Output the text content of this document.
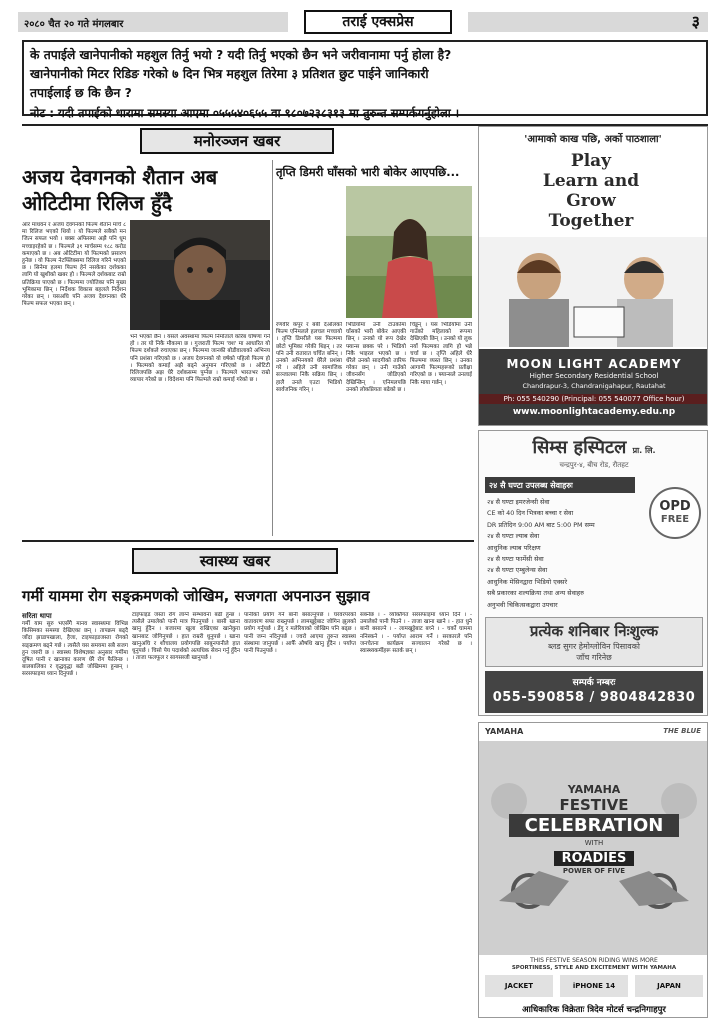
२०८० चैत २० गते मंगलबार	तराई एक्सप्रेस	३
के तपाईले खानेपानीको महशुल तिर्नु भयो ? यदी तिर्नु भएको छैन भने जरीवानामा पर्नु होला है?
खानेपानीको मिटर रिडिङ गरेको ७ दिन भित्र महशुल तिरेमा ३ प्रतिशत छुट पाईने जानिकारी
तपाईलाई छ कि छैन ?
नोट : यदी तपाईको धारामा समस्या आएमा ०५५५४०६५५ वा ९८०७२३८३१३ मा तुरुन्त सम्पर्कगर्नुहोला ।
मनोरञ्जन खबर
अजय देवगनको शैतान अब
ओटिटीमा रिलिज हुँदै
आर माधवन र अजय देवगनको फिल्म शैतान मार्च ८ मा रिलिज भएको थियो । यो फिल्मले सबैको मन जित्न सफल भयो । बक्स अफिसमा अझै पनि धूम मच्चाइरहेको छ । फिल्मले ३१ मार्चसम्म १८८ करोड कमाएको छ । अब ओटिटीमा यो फिल्मको प्रसारण हुनेछ । यो फिल्म नेटफ्लिक्समा रिलिज गरिने भएको छ । सिनेमा हलमा फिल्म हेर्न नसकेका दर्शकका लागि यो खुशीको खबर हो । फिल्मले दर्शकबाट राम्रो प्रतिक्रिया पाएको छ । फिल्ममा ज्योतिका पनि मुख्य भूमिकामा छिन् । निर्देशक विकास बहलले निर्देशन गरेका छन् । यसअघि पनि अजय देवगनका धेरै फिल्म सफल भएका छन् ।
भने भएको छैन । यसले अवस्थामा फिल्म निर्माताले करिब घोषणा गर्ने हो । तर यो निकै मौकामा छ । गुजराती फिल्म 'वश' मा आधारित यो फिल्म दर्शकले रुचाएका छन् । फिल्ममा जानकी बोडीवालाको अभिनय पनि प्रशंसा गरिएको छ । अजय देवगनको यो वर्षको पहिलो फिल्म हो । फिल्मको कमाई अझै बढ्ने अनुमान गरिएको छ । ओटिटी रिलिजपछि अझ धेरै दर्शकसम्म पुग्नेछ । फिल्मले भारतभर राम्रो व्यापार गरेको छ । विदेशमा पनि फिल्मले राम्रो कमाई गरेको छ ।
तृप्ति डिमरी घाँसको भारी बोकेर आएपछि...
रणवीर कपुर र बबी देओलको फिल्म एनिमलले हलचल मच्चायो । तृप्ति डिमरीले यस फिल्ममा छोटो भूमिका गरेकी थिइन् । तर पनि उनी रातारात चर्चित बनिन् । उनको अभिनयको धेरैले प्रशंसा गरे । अहिले उनी सामाजिक सञ्जालमा निकै सक्रिय छिन् । हालै उनले एउटा भिडियो सार्वजनिक गरिन् ।
भिडियोमा उनी टाउकोमा घाँसको भारी बोकेर आएकी छिन् । उनको यो रूप देखेर फ्यान्स छक्क परे । भिडियो निकै भाइरल भएको छ । धेरैले उनको सादगीको तारिफ गरेका छन् । उनी गाउँको जीवनसँग जोडिएको देखिन्छिन् । एनिमलपछि उनको लोकप्रियता बढेको छ ।
चिड्डन् । यस भिडियोमा उनी गाउँको महिलाको रूपमा देखिएकी छिन् । उनको यो लुक नयाँ फिल्मका लागि हो भन्ने चर्चा छ । तृप्ति अहिले धेरै फिल्ममा व्यस्त छिन् । उनका आगामी फिल्महरूको प्रतीक्षा गरिएको छ । फ्यान्सले उनलाई निकै माया गर्छन् ।
स्वास्थ्य खबर
गर्मी याममा रोग सङ्क्रमणको जोखिम, सजगता अपनाउन सुझाव
सरिता थापा
गर्मी याम सुरु भएसँगै मानव स्वास्थ्यमा विभिन्न किसिमका समस्या देखिएका छन् । तापक्रम बढ्दै जाँदा झाडापखाला, हैजा, टाइफाइडजस्ता रोगको सङ्क्रमण बढ्ने गर्छ । त्यसैले यस समयमा सबै सजग हुन जरुरी छ । स्वास्थ्य विशेषज्ञका अनुसार गर्मीमा दूषित पानी र खानाका कारण धेरै रोग फैलिन्छ । बालबालिका र वृद्धवृद्धा बढी जोखिममा हुन्छन् । सरसफाइमा ध्यान दिनुपर्छ ।
टाइफाइड जस्ता रोग लाग्ने सम्भावना बढी हुन्छ । त्यसैले उमालेको पानी मात्र पिउनुपर्छ । बासी खाना खानु हुँदैन । बजारमा खुला राखिएका खानेकुरा खानबाट जोगिनुपर्छ । हात राम्ररी धुनुपर्छ । खाना खानुअघि र शौचालय प्रयोगपछि साबुनपानीले हात धुनुपर्छ । चिसो पेय पदार्थको अत्यधिक सेवन गर्नु हुँदैन । ताजा फलफूल र सागसब्जी खानुपर्छ ।
पानीको प्रयोग गर्ने बानी बसाल्नुपर्छ । घरवरपरको वातावरण सफा राख्नुपर्छ । लामखुट्टेबाट जोगिन झुलको प्रयोग गर्नुपर्छ । डेंगु र मलेरियाको जोखिम पनि बढ्छ । पानी जम्न नदिनुपर्छ । ज्वरो आएमा तुरुन्त स्वास्थ्य संस्थामा जानुपर्छ । आफैँ औषधि खानु हुँदैन । पर्याप्त पानी पिउनुपर्छ ।
सक्नेछ । - व्यक्तिगत सरसफाइमा ध्यान दिने । - उमालेको पानी पिउने । - ताजा खाना खाने । - हात धुने बानी बसाल्ने । - लामखुट्टेबाट बच्ने । - चर्को घाममा ननिस्कने । - पर्याप्त आराम गर्ने । सरकारले पनि जनचेतना कार्यक्रम सञ्चालन गरेको छ । स्वास्थ्यकर्मीहरू सतर्क छन् ।
'आमाको काख पछि, अर्को पाठशाला'
Play
Learn and
Grow
Together
MOON LIGHT ACADEMY
Higher Secondary Residential School
Chandrapur-3, Chandranigahapur, Rautahat
Ph: 055 540290 (Principal: 055 540077 Office hour)
www.moonlightacademy.edu.np
सिम्स हस्पिटल प्रा. लि.
चन्द्रपुर-४, बीच रोड, रौतहट
२४ सै घण्टा उपलब्ध सेवाहरुः
OPD
FREE
२४ सै घण्टा इमरजेन्सी सेवा
CE को 40 दिन भित्रका बच्चा र सेवा
DR प्रतिदिन 9:00 AM बाट 5:00 PM सम्म
२४ सै घण्टा ल्याब सेवा
आधुनिक ल्याब परिक्षण
२४ सै घण्टा फार्मेसी सेवा
२४ सै घण्टा एम्बुलेन्स सेवा
आधुनिक मेसिनद्वारा भिडियो एक्सरे
सबै प्रकारका शल्यक्रिया तथा अन्य सेवाहरु
अनुभवी चिकित्सकद्वारा उपचार
प्रत्येक शनिबार निःशुल्क
ब्लड सुगर हेमोग्लोविन पिसावको
जाँच गरिनेछ
सम्पर्क नम्बरः
055-590858 / 9804842830
YAMAHA	THE BLUE
YAMAHA
FESTIVE
CELEBRATION
WITH
ROADIES
POWER OF FIVE
THIS FESTIVE SEASON RIDING WINS MORE
SPORTINESS, STYLE AND EXCITEMENT WITH YAMAHA
JACKET	iPHONE 14	JAPAN
आधिकारिक विक्रेताः त्रिदेव मोटर्स चन्द्रनिगाहपुर
